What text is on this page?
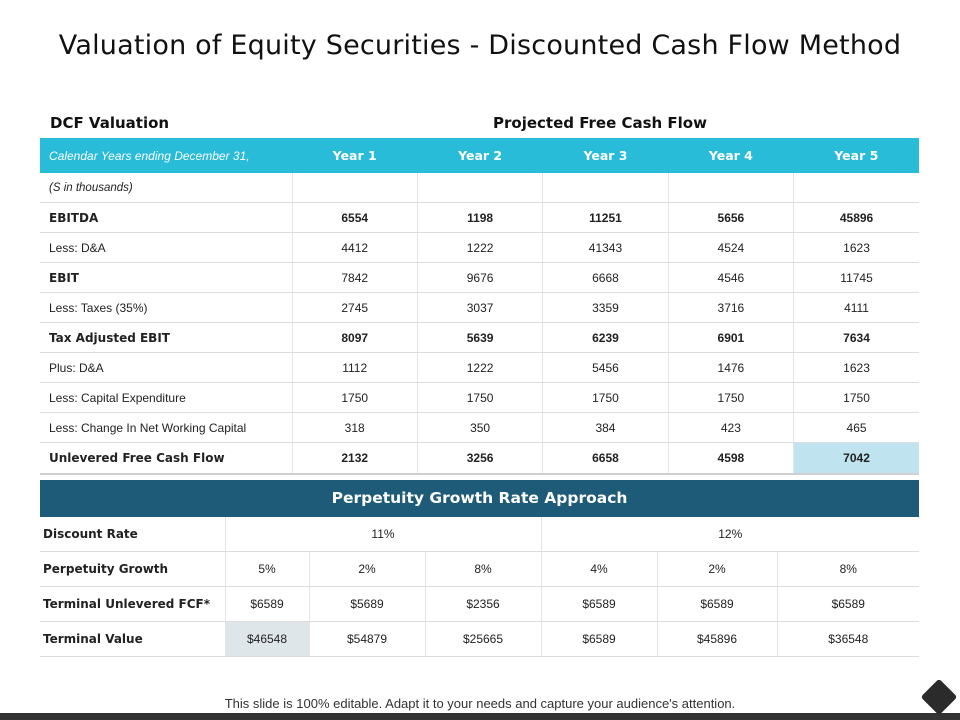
Valuation of Equity Securities - Discounted Cash Flow Method
DCF Valuation	Projected Free Cash Flow
Calendar Years ending December 31,	Year 1	Year 2	Year 3	Year 4	Year 5
(S in thousands)					
EBITDA	6554	1198	11251	5656	45896
Less: D&A	4412	1222	41343	4524	1623
EBIT	7842	9676	6668	4546	11745
Less: Taxes (35%)	2745	3037	3359	3716	4111
Tax Adjusted EBIT	8097	5639	6239	6901	7634
Plus: D&A	1112	1222	5456	1476	1623
Less: Capital Expenditure	1750	1750	1750	1750	1750
Less: Change In Net Working Capital	318	350	384	423	465
Unlevered Free Cash Flow	2132	3256	6658	4598	7042
Perpetuity Growth Rate Approach
Discount Rate	11%			12%		
Perpetuity Growth	5%	2%	8%	4%	2%	8%
Terminal Unlevered FCF*	$6589	$5689	$2356	$6589	$6589	$6589
Terminal Value	$46548	$54879	$25665	$6589	$45896	$36548
This slide is 100% editable. Adapt it to your needs and capture your audience's attention.
